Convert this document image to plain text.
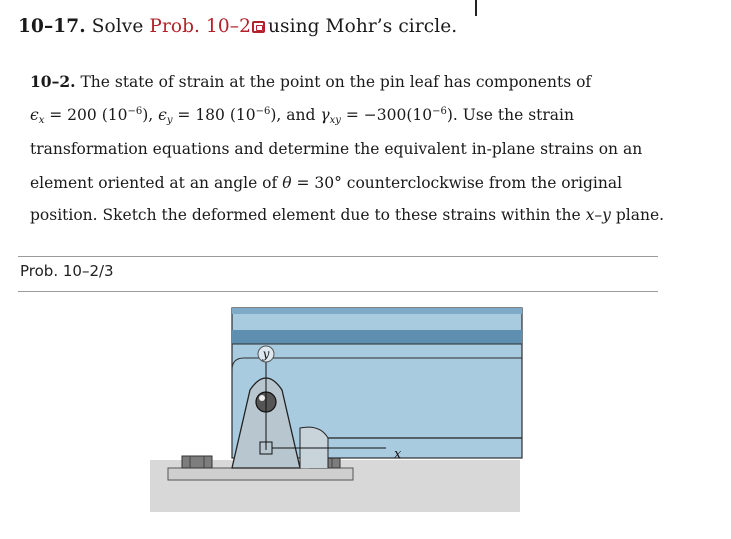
10–17. Solve Prob. 10–2 using Mohr’s circle.
10–2. The state of strain at the point on the pin leaf has components of
$\epsilon_x = 200$ $(10^{-6})$, $\epsilon_y = 180$ $(10^{-6})$, and $\gamma_{xy} = -300(10^{-6})$. Use the strain
transformation equations and determine the equivalent in-plane strains on an
element oriented at an angle of θ = 30° counterclockwise from the original
position. Sketch the deformed element due to these strains within the x–y plane.
Prob. 10–2/3
y
x
